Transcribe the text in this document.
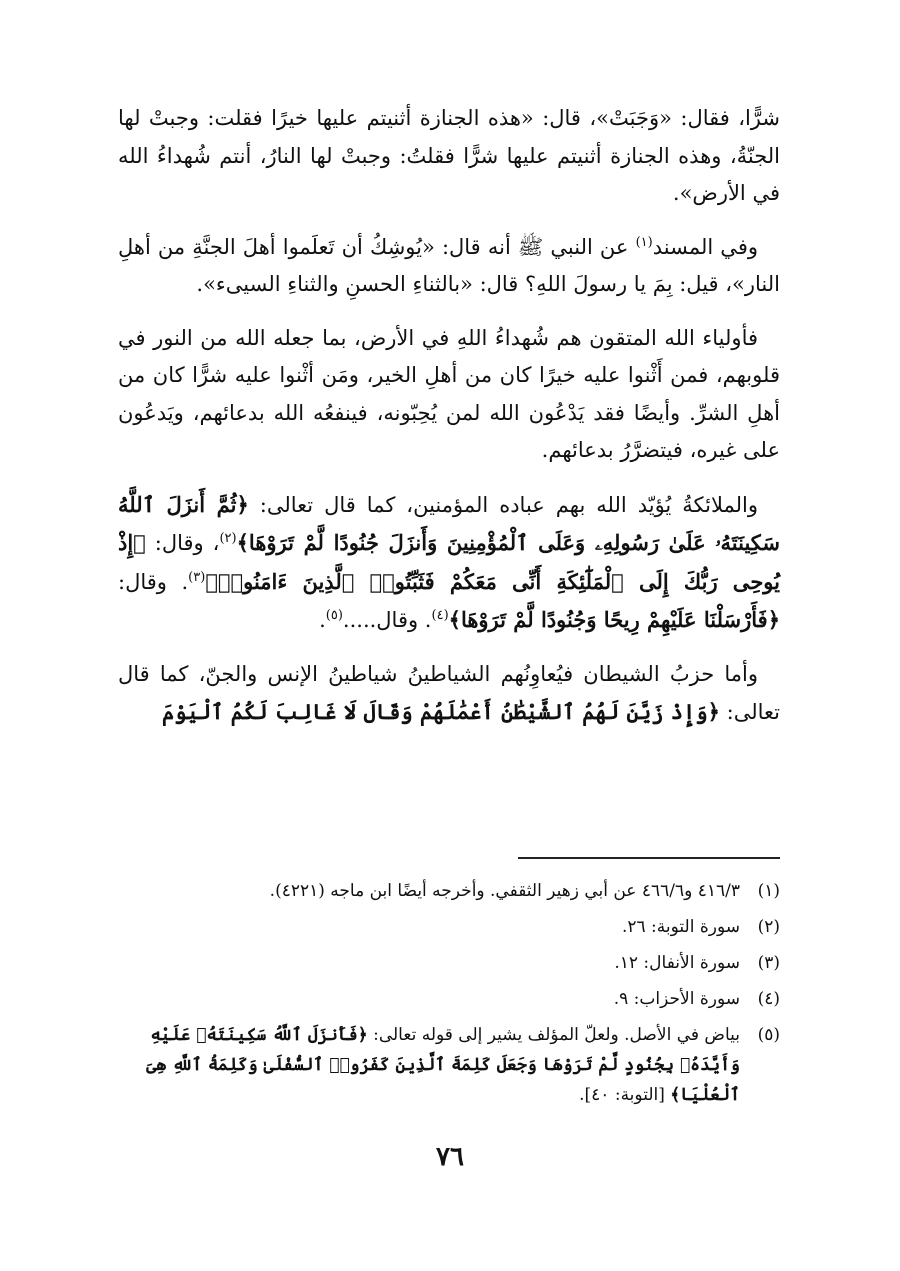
شرًّا، فقال: «وَجَبَتْ»، قال: «هذه الجنازة أثنيتم عليها خيرًا فقلت: وجبتْ لها الجنّةُ، وهذه الجنازة أثنيتم عليها شرًّا فقلتُ: وجبتْ لها النارُ، أنتم شُهداءُ الله في الأرض».

وفي المسند$^{(١)}$ عن النبي ﷺ أنه قال: «يُوشِكُ أن تَعلَموا أهلَ الجنَّةِ من أهلِ النار»، قيل: بِمَ يا رسولَ اللهِ؟ قال: «بالثناءِ الحسنِ والثناءِ السيىء».

فأولياء الله المتقون هم شُهداءُ اللهِ في الأرض، بما جعله الله من النور في قلوبهم، فمن أَثْنوا عليه خيرًا كان من أهلِ الخير، ومَن أثْنوا عليه شرًّا كان من أهلِ الشرِّ. وأيضًا فقد يَدْعُون الله لمن يُحِبّونه، فينفعُه الله بدعائهم، ويَدعُون على غيره، فيتضرَّرُ بدعائهم.

والملائكةُ يُؤيّد الله بهم عباده المؤمنين، كما قال تعالى: ﴿ثُمَّ أَنزَلَ ٱللَّهُ سَكِينَتَهُۥ عَلَىٰ رَسُولِهِۦ وَعَلَى ٱلْمُؤْمِنِينَ وَأَنزَلَ جُنُودًا لَّمْ تَرَوْهَا﴾$^{(٢)}$، وقال: ﴿إِذْ يُوحِى رَبُّكَ إِلَى ٱلْمَلَٰٓئِكَةِ أَنِّى مَعَكُمْ فَثَبِّتُوا۟ ٱلَّذِينَ ءَامَنُوا۟﴾$^{(٣)}$. وقال: ﴿فَأَرْسَلْنَا عَلَيْهِمْ رِيحًا وَجُنُودًا لَّمْ تَرَوْهَا﴾$^{(٤)}$. وقال.....$^{(٥)}$.

وأما حزبُ الشيطان فيُعاوِنُهم الشياطينُ شياطينُ الإنس والجنّ، كما قال تعالى: ﴿وَإِذْ زَيَّنَ لَهُمُ ٱلشَّيْطَٰنُ أَعْمَٰلَهُمْ وَقَالَ لَا غَالِبَ لَكُمُ ٱلْيَوْمَ

(١)
٤١٦/٣ و٤٦٦/٦ عن أبي زهير الثقفي. وأخرجه أيضًا ابن ماجه (٤٢٢١).
(٢)
سورة التوبة: ٢٦.
(٣)
سورة الأنفال: ١٢.
(٤)
سورة الأحزاب: ٩.
(٥)
بياض في الأصل. ولعلّ المؤلف يشير إلى قوله تعالى: ﴿فَأَنزَلَ ٱللَّهُ سَكِينَتَهُۥ عَلَيْهِ وَأَيَّدَهُۥ بِجُنُودٍ لَّمْ تَرَوْهَا وَجَعَلَ كَلِمَةَ ٱلَّذِينَ كَفَرُوا۟ ٱلسُّفْلَىٰ وَكَلِمَةُ ٱللَّهِ هِىَ ٱلْعُلْيَا﴾ [التوبة: ٤٠].
٧٦
